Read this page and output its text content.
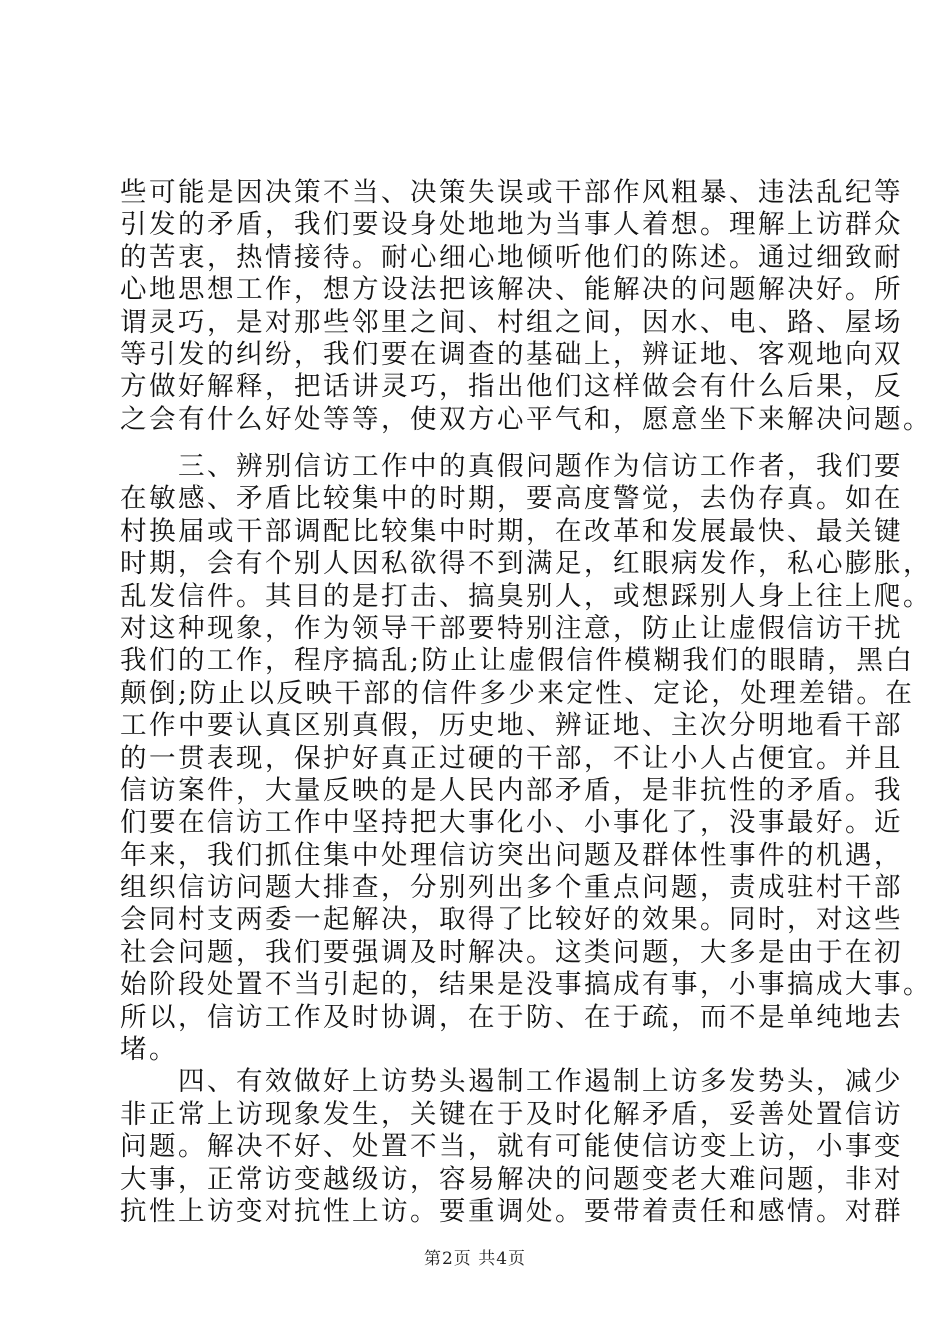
些可能是因决策不当、决策失误或干部作风粗暴、违法乱纪等
引发的矛盾，我们要设身处地地为当事人着想。理解上访群众
的苦衷，热情接待。耐心细心地倾听他们的陈述。通过细致耐
心地思想工作，想方设法把该解决、能解决的问题解决好。所
谓灵巧，是对那些邻里之间、村组之间，因水、电、路、屋场
等引发的纠纷，我们要在调查的基础上，辨证地、客观地向双
方做好解释，把话讲灵巧，指出他们这样做会有什么后果，反
之会有什么好处等等，使双方心平气和，愿意坐下来解决问题。
　　三、辨别信访工作中的真假问题作为信访工作者，我们要
在敏感、矛盾比较集中的时期，要高度警觉，去伪存真。如在
村换届或干部调配比较集中时期，在改革和发展最快、最关键
时期，会有个别人因私欲得不到满足，红眼病发作，私心膨胀，
乱发信件。其目的是打击、搞臭别人，或想踩别人身上往上爬。
对这种现象，作为领导干部要特别注意，防止让虚假信访干扰
我们的工作，程序搞乱;防止让虚假信件模糊我们的眼睛，黑白
颠倒;防止以反映干部的信件多少来定性、定论，处理差错。在
工作中要认真区别真假，历史地、辨证地、主次分明地看干部
的一贯表现，保护好真正过硬的干部，不让小人占便宜。并且
信访案件，大量反映的是人民内部矛盾，是非抗性的矛盾。我
们要在信访工作中坚持把大事化小、小事化了，没事最好。近
年来，我们抓住集中处理信访突出问题及群体性事件的机遇，
组织信访问题大排查，分别列出多个重点问题，责成驻村干部
会同村支两委一起解决，取得了比较好的效果。同时，对这些
社会问题，我们要强调及时解决。这类问题，大多是由于在初
始阶段处置不当引起的，结果是没事搞成有事，小事搞成大事。
所以，信访工作及时协调，在于防、在于疏，而不是单纯地去
堵。
　　四、有效做好上访势头遏制工作遏制上访多发势头，减少
非正常上访现象发生，关键在于及时化解矛盾，妥善处置信访
问题。解决不好、处置不当，就有可能使信访变上访，小事变
大事，正常访变越级访，容易解决的问题变老大难问题，非对
抗性上访变对抗性上访。要重调处。要带着责任和感情。对群
第2页 共4页
